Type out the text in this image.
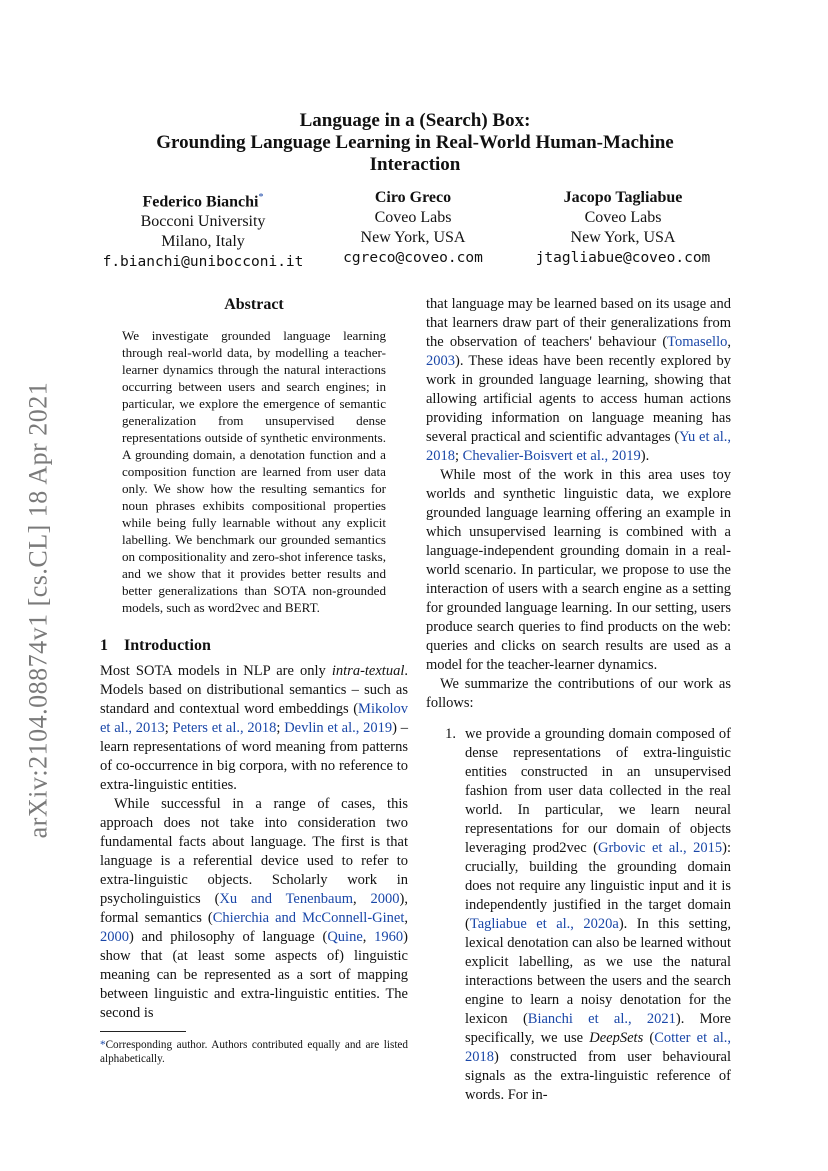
arXiv:2104.08874v1 [cs.CL] 18 Apr 2021
Language in a (Search) Box:
Grounding Language Learning in Real-World Human-Machine
Interaction
Federico Bianchi*
Bocconi University
Milano, Italy
f.bianchi@unibocconi.it
Ciro Greco
Coveo Labs
New York, USA
cgreco@coveo.com
Jacopo Tagliabue
Coveo Labs
New York, USA
jtagliabue@coveo.com
Abstract
We investigate grounded language learning through real-world data, by modelling a teacher-learner dynamics through the natural interactions occurring between users and search engines; in particular, we explore the emergence of semantic generalization from unsupervised dense representations outside of synthetic environments. A grounding domain, a denotation function and a composition function are learned from user data only. We show how the resulting semantics for noun phrases exhibits compositional properties while being fully learnable without any explicit labelling. We benchmark our grounded semantics on compositionality and zero-shot inference tasks, and we show that it provides better results and better generalizations than SOTA non-grounded models, such as word2vec and BERT.
1 Introduction

Most SOTA models in NLP are only intra-textual. Models based on distributional semantics – such as standard and contextual word embeddings (Mikolov et al., 2013; Peters et al., 2018; Devlin et al., 2019) – learn representations of word meaning from patterns of co-occurrence in big corpora, with no reference to extra-linguistic entities.

While successful in a range of cases, this approach does not take into consideration two fundamental facts about language. The first is that language is a referential device used to refer to extra-linguistic objects. Scholarly work in psycholinguistics (Xu and Tenenbaum, 2000), formal semantics (Chierchia and McConnell-Ginet, 2000) and philosophy of language (Quine, 1960) show that (at least some aspects of) linguistic meaning can be represented as a sort of mapping between linguistic and extra-linguistic entities. The second is

*Corresponding author. Authors contributed equally and are listed alphabetically.

that language may be learned based on its usage and that learners draw part of their generalizations from the observation of teachers' behaviour (Tomasello, 2003). These ideas have been recently explored by work in grounded language learning, showing that allowing artificial agents to access human actions providing information on language meaning has several practical and scientific advantages (Yu et al., 2018; Chevalier-Boisvert et al., 2019).

While most of the work in this area uses toy worlds and synthetic linguistic data, we explore grounded language learning offering an example in which unsupervised learning is combined with a language-independent grounding domain in a real-world scenario. In particular, we propose to use the interaction of users with a search engine as a setting for grounded language learning. In our setting, users produce search queries to find products on the web: queries and clicks on search results are used as a model for the teacher-learner dynamics.

We summarize the contributions of our work as follows:

1. we provide a grounding domain composed of dense representations of extra-linguistic entities constructed in an unsupervised fashion from user data collected in the real world. In particular, we learn neural representations for our domain of objects leveraging prod2vec (Grbovic et al., 2015): crucially, building the grounding domain does not require any linguistic input and it is independently justified in the target domain (Tagliabue et al., 2020a). In this setting, lexical denotation can also be learned without explicit labelling, as we use the natural interactions between the users and the search engine to learn a noisy denotation for the lexicon (Bianchi et al., 2021). More specifically, we use DeepSets (Cotter et al., 2018) constructed from user behavioural signals as the extra-linguistic reference of words. For in-
